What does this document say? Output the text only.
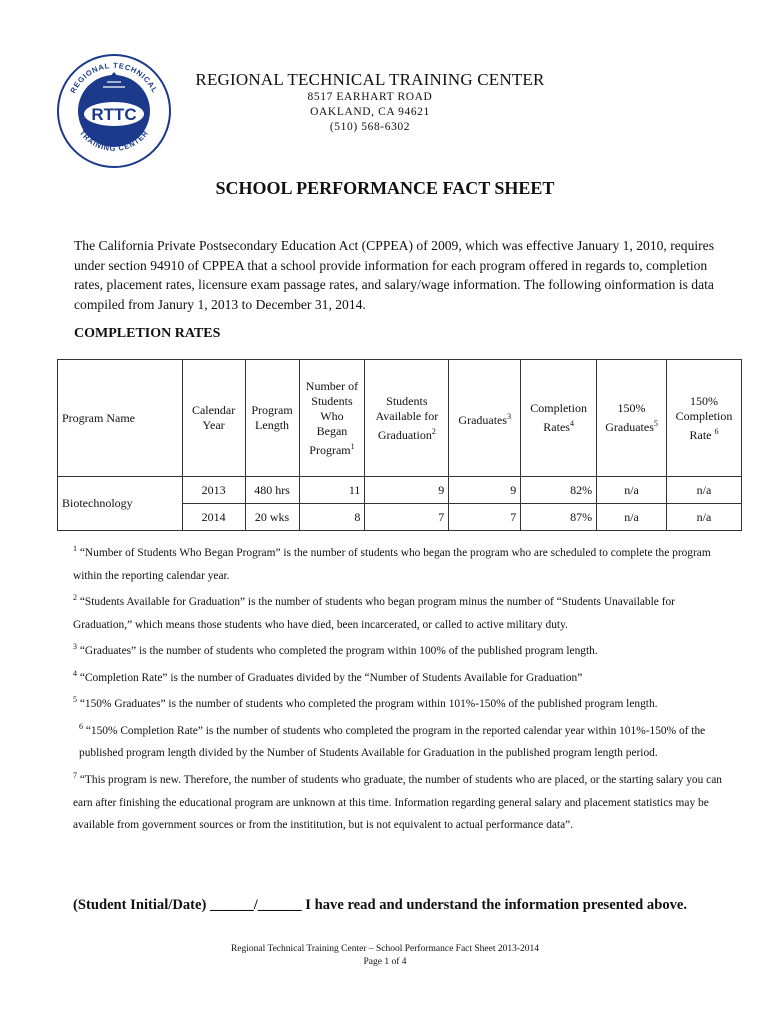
RTTC
REGIONAL TECHNICAL
TRAINING CENTER
REGIONAL TECHNICAL TRAINING CENTER
8517 EARHART ROAD
OAKLAND, CA 94621
(510) 568-6302
SCHOOL PERFORMANCE FACT SHEET
The California Private Postsecondary Education Act (CPPEA) of 2009, which was effective January 1, 2010, requires under section 94910 of CPPEA that a school provide information for each program offered in regards to, completion rates, placement rates, licensure exam passage rates, and salary/wage information. The following oinformation is data compiled from Janury 1, 2013 to December 31, 2014.
COMPLETION RATES
Program Name	Calendar Year	Program Length	Number of Students Who Began Program$^1$	Students Available for Graduation$^2$	Graduates$^3$	Completion Rates$^4$	150% Graduates$^5$	150% Completion Rate $^6$
Biotechnology	2013	480 hrs	11	9	9	82%	n/a	n/a
	2014	20 wks	8	7	7	87%	n/a	n/a

$^1$ “Number of Students Who Began Program” is the number of students who began the program who are scheduled to complete the program within the reporting calendar year.

$^2$ “Students Available for Graduation” is the number of students who began program minus the number of “Students Unavailable for Graduation,” which means those students who have died, been incarcerated, or called to active military duty.

$^3$ “Graduates” is the number of students who completed the program within 100% of the published program length.

$^4$ “Completion Rate” is the number of Graduates divided by the “Number of Students Available for Graduation”

$^5$ “150% Graduates” is the number of students who completed the program within 101%-150% of the published program length.

$^6$ “150% Completion Rate” is the number of students who completed the program in the reported calendar year within 101%-150% of the published program length divided by the Number of Students Available for Graduation in the published program length period.

$^7$ “This program is new. Therefore, the number of students who graduate, the number of students who are placed, or the starting salary you can earn after finishing the educational program are unknown at this time. Information regarding general salary and placement statistics may be available from government sources or from the instititution, but is not equivalent to actual performance data”.

(Student Initial/Date) ______/______ I have read and understand the information presented above.
Regional Technical Training Center – School Performance Fact Sheet 2013-2014
Page 1 of 4
